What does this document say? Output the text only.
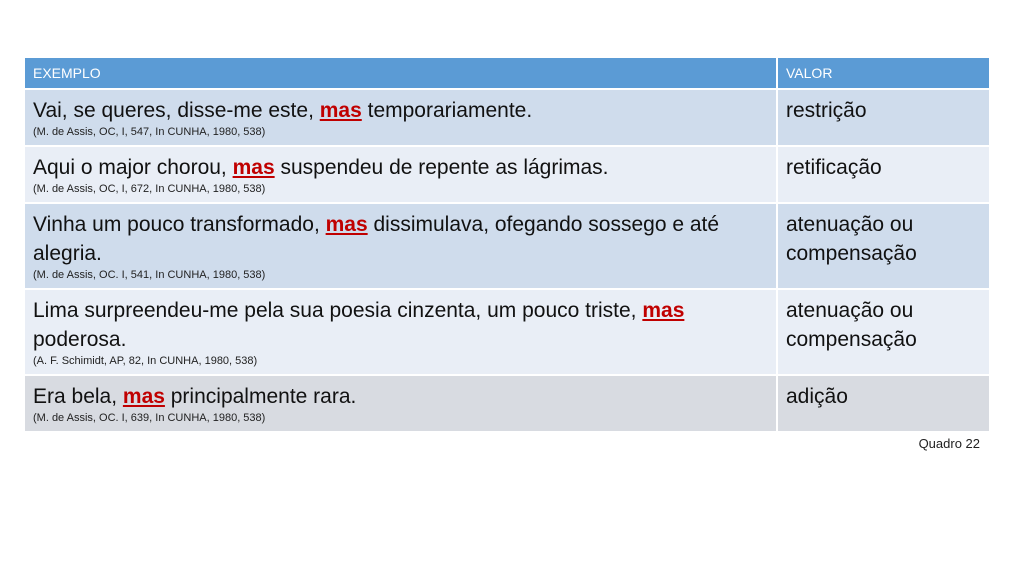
EXEMPLO	VALOR

Vai, se queres, disse-me este, mas temporariamente.
(M. de Assis, OC, I, 547, In CUNHA, 1980, 538)	restrição

Aqui o major chorou, mas suspendeu de repente as lágrimas.
(M. de Assis, OC, I, 672, In CUNHA, 1980, 538)	retificação

Vinha um pouco transformado, mas dissimulava, ofegando sossego e até alegria.
(M. de Assis, OC. I, 541, In CUNHA, 1980, 538)	atenuação ou compensação

Lima surpreendeu-me pela sua poesia cinzenta, um pouco triste, mas poderosa.
(A. F. Schimidt, AP, 82, In CUNHA, 1980, 538)	atenuação ou compensação

Era bela, mas principalmente rara.
(M. de Assis, OC. I, 639, In CUNHA, 1980, 538)	adição
Quadro 22
